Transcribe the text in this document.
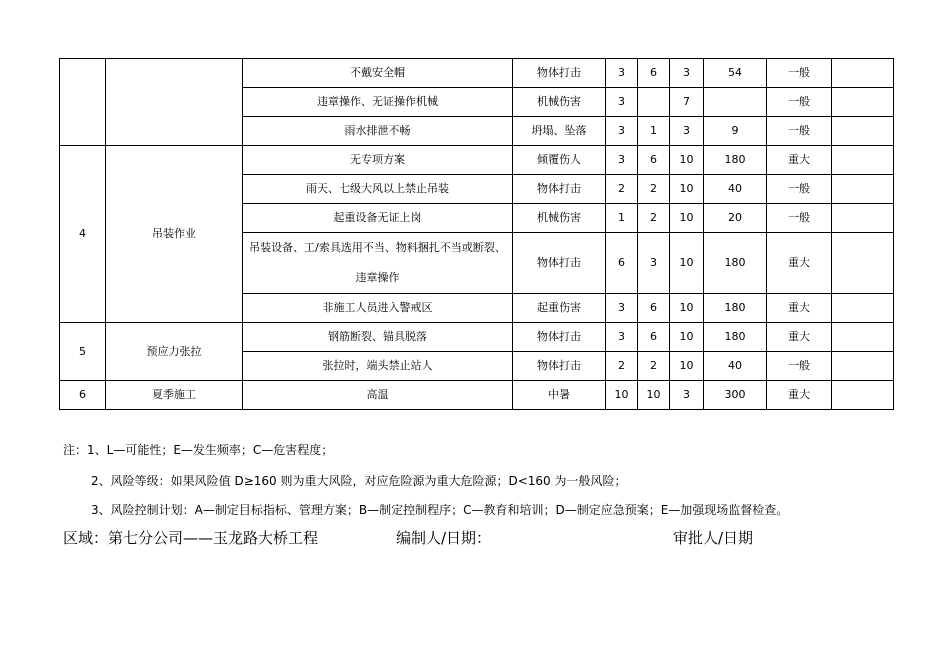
		不戴安全帽	物体打击	3	6	3	54	一般	
		违章操作、无证操作机械	机械伤害	3		7		一般	
		雨水排泄不畅	坍塌、坠落	3	1	3	9	一般	
4	吊装作业	无专项方案	倾覆伤人	3	6	10	180	重大	
		雨天、七级大风以上禁止吊装	物体打击	2	2	10	40	一般	
		起重设备无证上岗	机械伤害	1	2	10	20	一般	
		吊装设备、工/索具选用不当、物料捆扎不当或断裂、违章操作	物体打击	6	3	10	180	重大	
		非施工人员进入警戒区	起重伤害	3	6	10	180	重大	
5	预应力张拉	钢筋断裂、锚具脱落	物体打击	3	6	10	180	重大	
		张拉时，端头禁止站人	物体打击	2	2	10	40	一般	
6	夏季施工	高温	中暑	10	10	3	300	重大	
注：1、L—可能性；E—发生频率；C—危害程度；
2、风险等级：如果风险值 D≥160 则为重大风险，对应危险源为重大危险源；D<160 为一般风险；
3、风险控制计划：A—制定目标指标、管理方案；B—制定控制程序；C—教育和培训；D—制定应急预案；E—加强现场监督检查。
区域：第七分公司——玉龙路大桥工程	编制人/日期：	审批人/日期
